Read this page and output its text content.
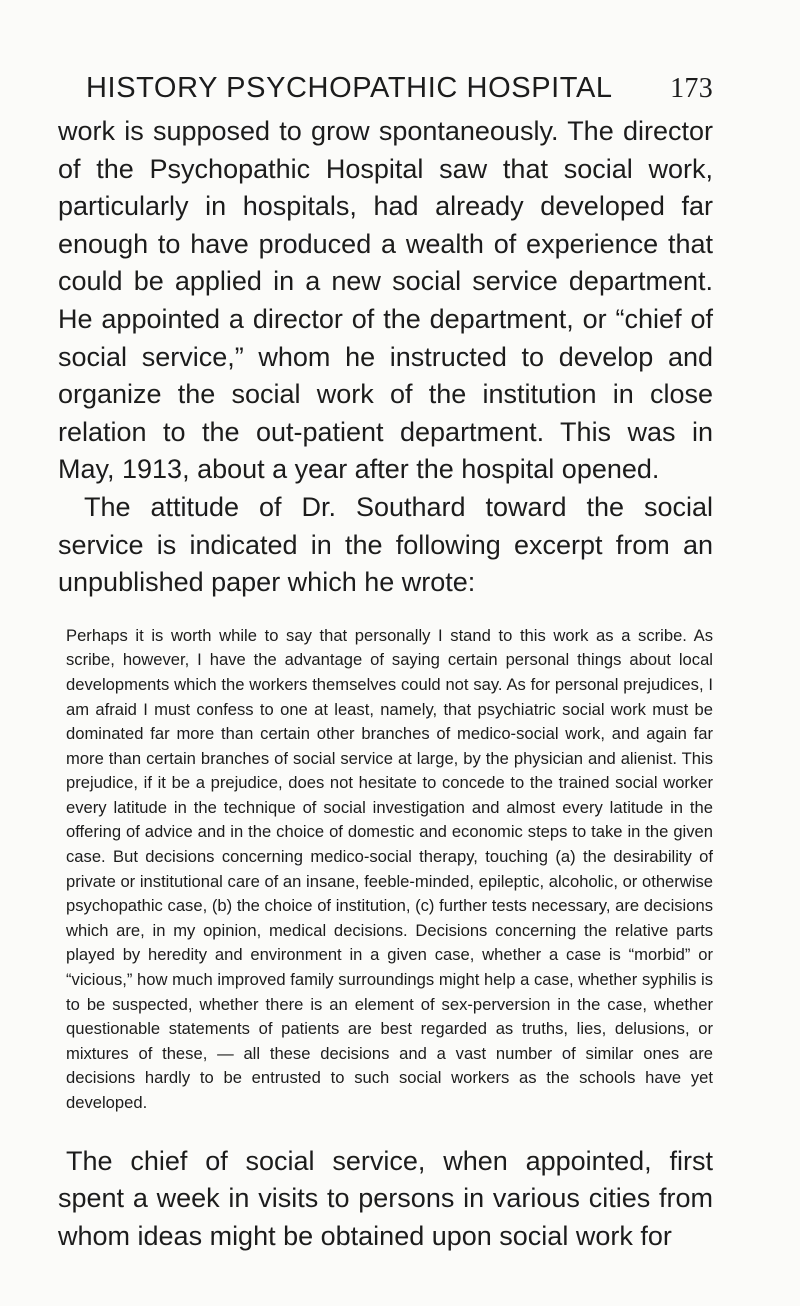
HISTORY PSYCHOPATHIC HOSPITAL 173

work is supposed to grow spontaneously. The director of the Psychopathic Hospital saw that social work, particularly in hospitals, had already developed far enough to have produced a wealth of experience that could be applied in a new social service department. He appointed a director of the department, or “chief of social service,” whom he instructed to develop and organize the social work of the institution in close relation to the out-patient department. This was in May, 1913, about a year after the hospital opened.

The attitude of Dr. Southard toward the social service is indicated in the following excerpt from an unpublished paper which he wrote:

Perhaps it is worth while to say that personally I stand to this work as a scribe. As scribe, however, I have the advantage of saying certain personal things about local developments which the workers themselves could not say. As for personal prejudices, I am afraid I must confess to one at least, namely, that psychiatric social work must be dominated far more than certain other branches of medico-social work, and again far more than certain branches of social service at large, by the physician and alienist. This prejudice, if it be a prejudice, does not hesitate to concede to the trained social worker every latitude in the technique of social investigation and almost every latitude in the offering of advice and in the choice of domestic and economic steps to take in the given case. But decisions concerning medico-social therapy, touching (a) the desirability of private or institutional care of an insane, feeble-minded, epileptic, alcoholic, or otherwise psychopathic case, (b) the choice of institution, (c) further tests necessary, are decisions which are, in my opinion, medical decisions. Decisions concerning the relative parts played by heredity and environment in a given case, whether a case is “morbid” or “vicious,” how much improved family surroundings might help a case, whether syphilis is to be suspected, whether there is an element of sex-perversion in the case, whether questionable statements of patients are best regarded as truths, lies, delusions, or mixtures of these, — all these decisions and a vast number of similar ones are decisions hardly to be entrusted to such social workers as the schools have yet developed.

The chief of social service, when appointed, first spent a week in visits to persons in various cities from whom ideas might be obtained upon social work for
